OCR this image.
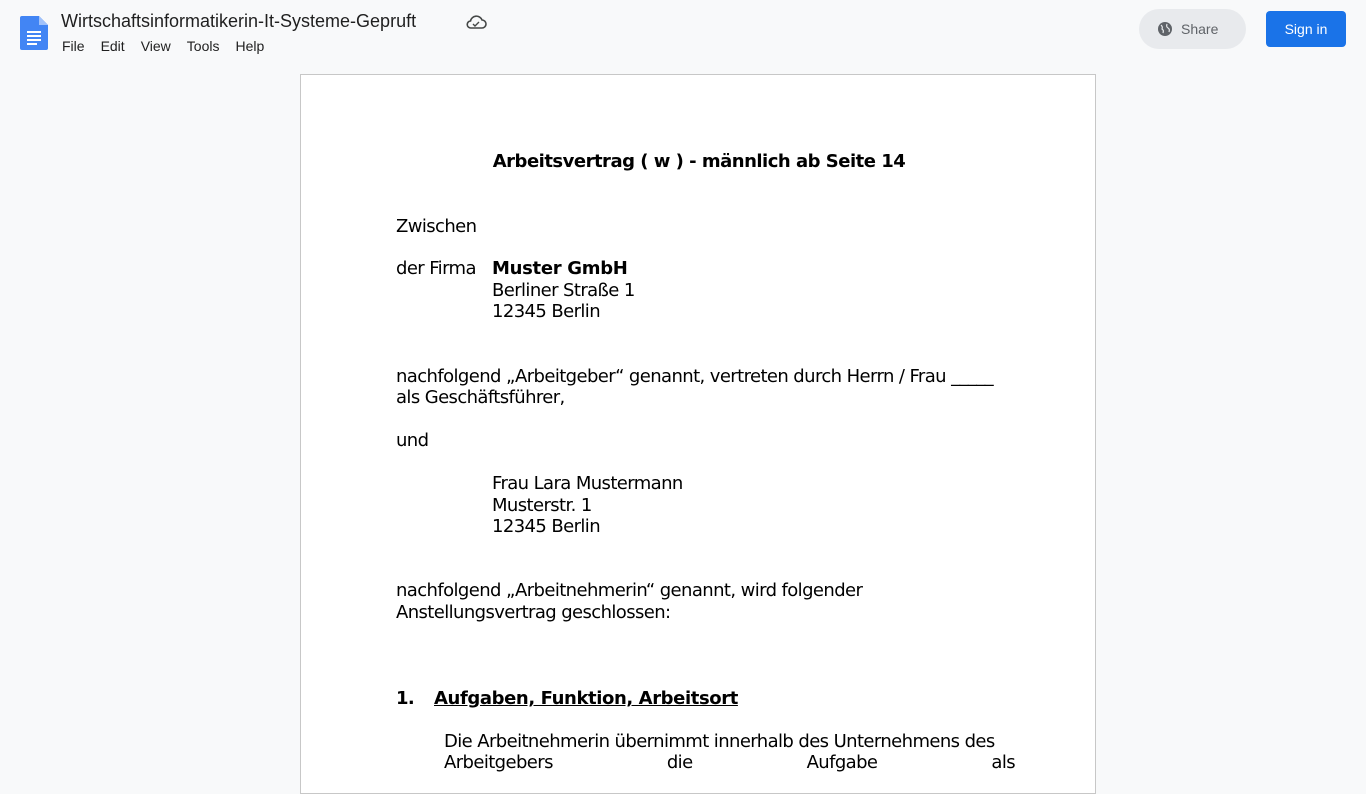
Wirtschaftsinformatikerin-It-Systeme-Gepruft
File	Edit	View	Tools	Help
Share	Sign in
Arbeitsvertrag ( w ) - männlich ab Seite 14
Zwischen
der Firma Muster GmbH
Berliner Straße 1
12345 Berlin
nachfolgend „Arbeitgeber“ genannt, vertreten durch Herrn / Frau _____
als Geschäftsführer,
und
Frau Lara Mustermann
Musterstr. 1
12345 Berlin
nachfolgend „Arbeitnehmerin“ genannt, wird folgender
Anstellungsvertrag geschlossen:
1. Aufgaben, Funktion, Arbeitsort
Die Arbeitnehmerin übernimmt innerhalb des Unternehmens des
Arbeitgebers	die	Aufgabe	als
